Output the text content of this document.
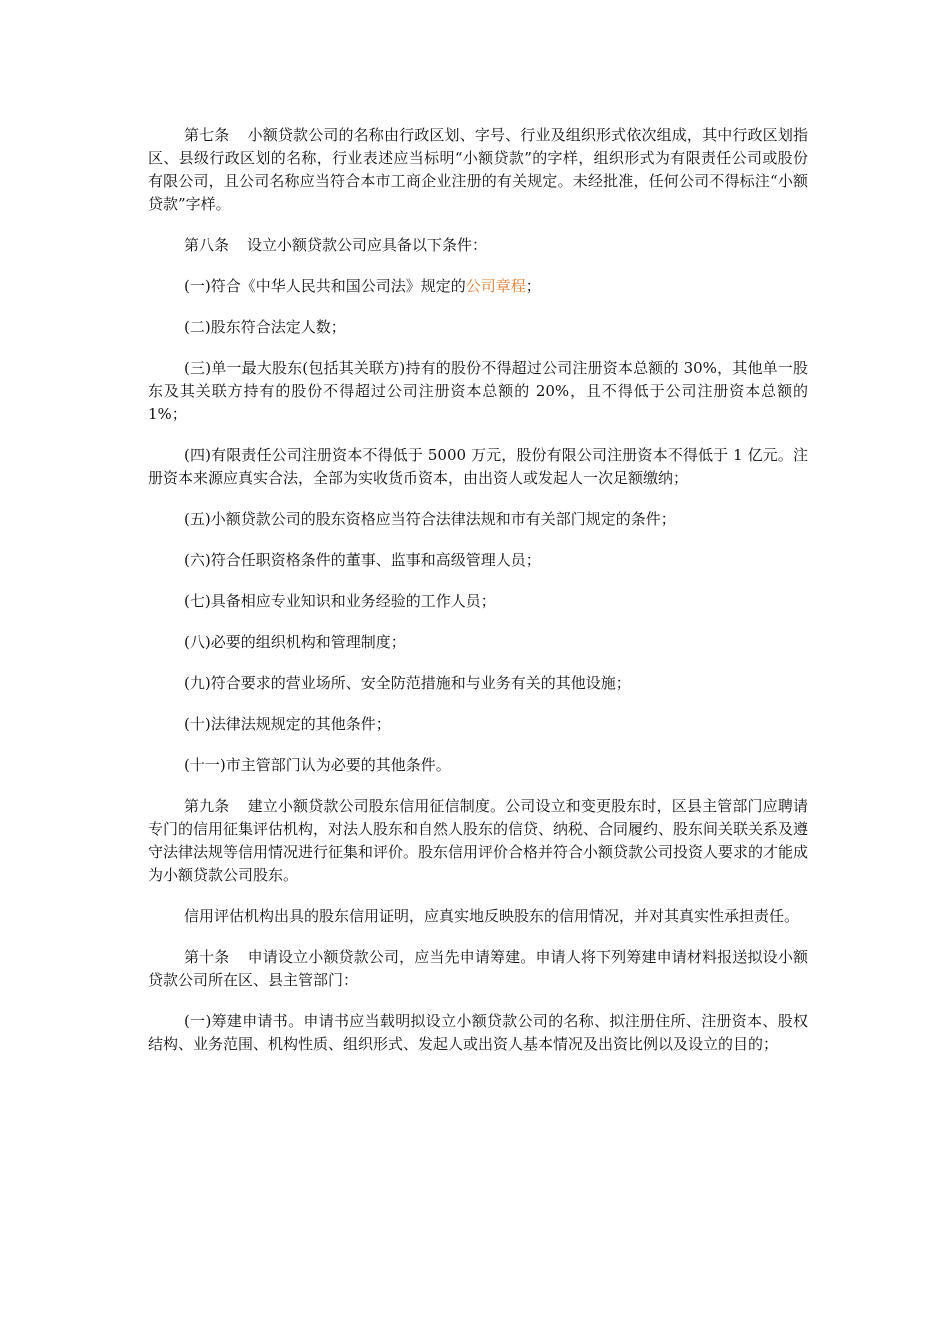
第七条 小额贷款公司的名称由行政区划、字号、行业及组织形式依次组成，其中行政区划指区、县级行政区划的名称，行业表述应当标明“小额贷款”的字样，组织形式为有限责任公司或股份有限公司，且公司名称应当符合本市工商企业注册的有关规定。未经批准，任何公司不得标注“小额贷款”字样。

第八条 设立小额贷款公司应具备以下条件：

(一)符合《中华人民共和国公司法》规定的公司章程；

(二)股东符合法定人数；

(三)单一最大股东(包括其关联方)持有的股份不得超过公司注册资本总额的 30%，其他单一股东及其关联方持有的股份不得超过公司注册资本总额的 20%，且不得低于公司注册资本总额的 1%；

(四)有限责任公司注册资本不得低于 5000 万元，股份有限公司注册资本不得低于 1 亿元。注册资本来源应真实合法，全部为实收货币资本，由出资人或发起人一次足额缴纳；

(五)小额贷款公司的股东资格应当符合法律法规和市有关部门规定的条件；

(六)符合任职资格条件的董事、监事和高级管理人员；

(七)具备相应专业知识和业务经验的工作人员；

(八)必要的组织机构和管理制度；

(九)符合要求的营业场所、安全防范措施和与业务有关的其他设施；

(十)法律法规规定的其他条件；

(十一)市主管部门认为必要的其他条件。

第九条 建立小额贷款公司股东信用征信制度。公司设立和变更股东时，区县主管部门应聘请专门的信用征集评估机构，对法人股东和自然人股东的信贷、纳税、合同履约、股东间关联关系及遵守法律法规等信用情况进行征集和评价。股东信用评价合格并符合小额贷款公司投资人要求的才能成为小额贷款公司股东。

信用评估机构出具的股东信用证明，应真实地反映股东的信用情况，并对其真实性承担责任。

第十条 申请设立小额贷款公司，应当先申请筹建。申请人将下列筹建申请材料报送拟设小额贷款公司所在区、县主管部门：

(一)筹建申请书。申请书应当载明拟设立小额贷款公司的名称、拟注册住所、注册资本、股权结构、业务范围、机构性质、组织形式、发起人或出资人基本情况及出资比例以及设立的目的；
